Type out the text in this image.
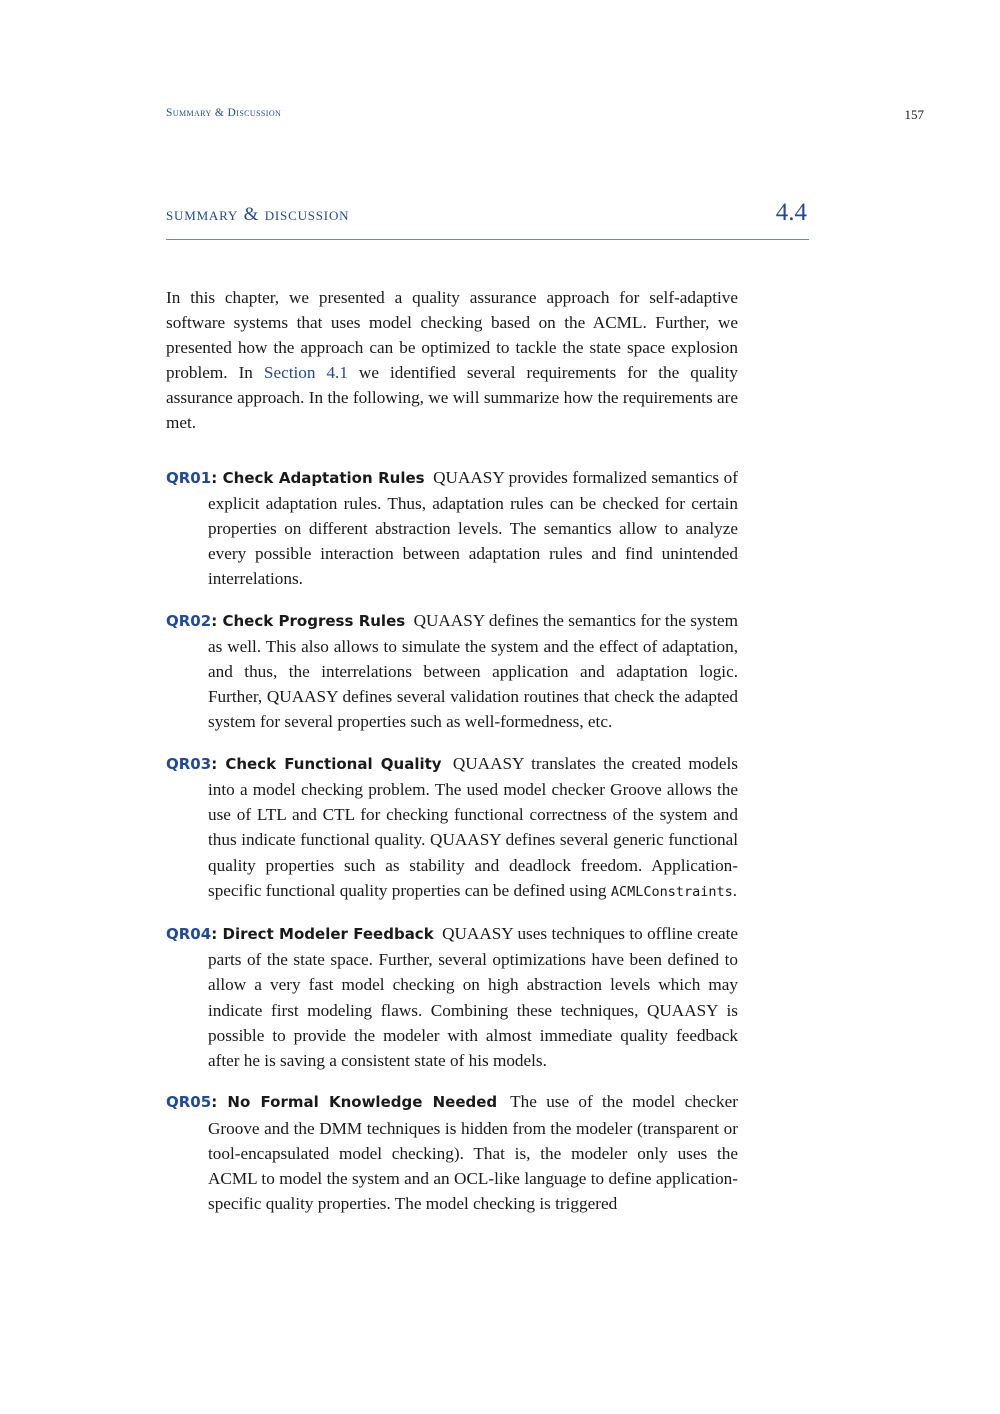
Summary & Discussion	157
summary & discussion	4.4

In this chapter, we presented a quality assurance approach for self-adaptive software systems that uses model checking based on the ACML. Further, we presented how the approach can be optimized to tackle the state space explosion problem. In Section 4.1 we identified several requirements for the quality assurance approach. In the following, we will summarize how the requirements are met.

QR01: Check Adaptation Rules QUAASY provides formalized semantics of explicit adaptation rules. Thus, adaptation rules can be checked for certain properties on different abstraction levels. The semantics allow to analyze every possible interaction between adaptation rules and find unintended interrelations.
QR02: Check Progress Rules QUAASY defines the semantics for the system as well. This also allows to simulate the system and the effect of adaptation, and thus, the interrelations between application and adaptation logic. Further, QUAASY defines several validation routines that check the adapted system for several properties such as well-formedness, etc.
QR03: Check Functional Quality QUAASY translates the created models into a model checking problem. The used model checker Groove allows the use of LTL and CTL for checking functional correctness of the system and thus indicate functional quality. QUAASY defines several generic functional quality properties such as stability and deadlock freedom. Application-specific functional quality properties can be defined using ACMLConstraints.
QR04: Direct Modeler Feedback QUAASY uses techniques to offline create parts of the state space. Further, several optimizations have been defined to allow a very fast model checking on high abstraction levels which may indicate first modeling flaws. Combining these techniques, QUAASY is possible to provide the modeler with almost immediate quality feedback after he is saving a consistent state of his models.
QR05: No Formal Knowledge Needed The use of the model checker Groove and the DMM techniques is hidden from the modeler (transparent or tool-encapsulated model checking). That is, the modeler only uses the ACML to model the system and an OCL-like language to define application-specific quality properties. The model checking is triggered
